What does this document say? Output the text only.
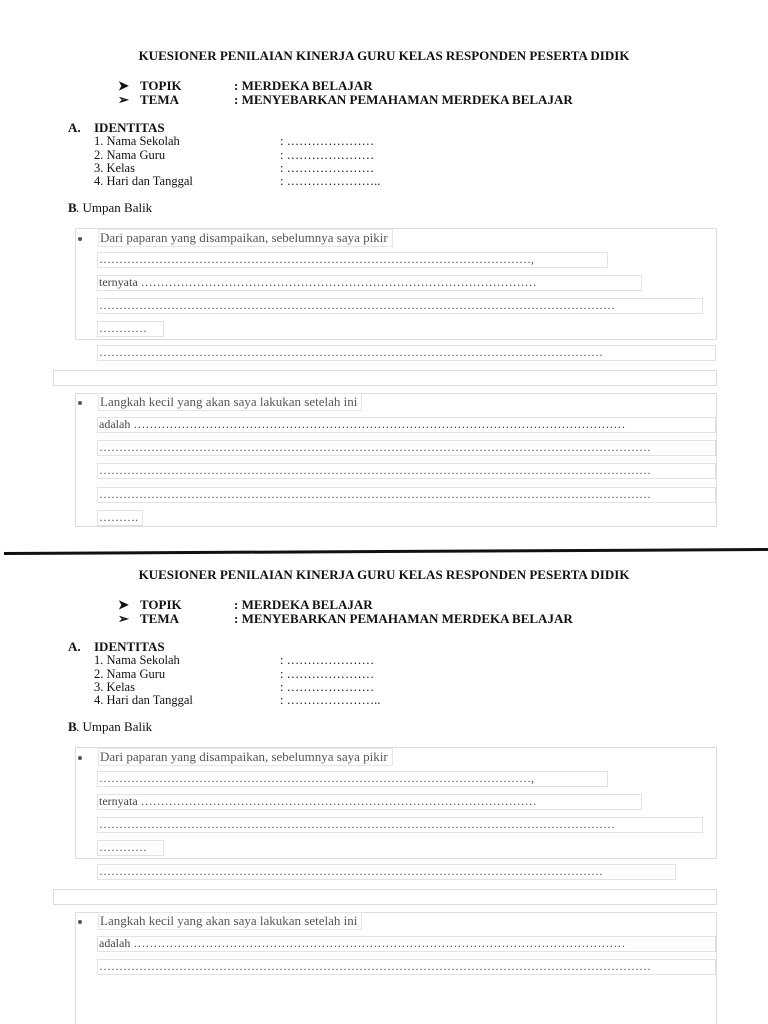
KUESIONER PENILAIAN KINERJA GURU KELAS RESPONDEN PESERTA DIDIK
➤ TOPIK	: MERDEKA BELAJAR
➢ TEMA	: MENYEBARKAN PEMAHAMAN MERDEKA BELAJAR
A. IDENTITAS
1. Nama Sekolah	: …………………
2. Nama Guru	: …………………
3. Kelas	: …………………
4. Hari dan Tanggal	: …………………..
B . Umpan Balik
Dari paparan yang disampaikan, sebelumnya saya pikir
………………………………………………………………………………………………,
ternyata ………………………………………………………………………………………
…………………………………………………………………………………………………………………
…………
………………………………………………………………………………………………………………
Langkah kecil yang akan saya lakukan setelah ini
adalah ……………………………………………………………………………………………………………
…………………………………………………………………………………………………………………………
…………………………………………………………………………………………………………………………
…………………………………………………………………………………………………………………………
……….
KUESIONER PENILAIAN KINERJA GURU KELAS RESPONDEN PESERTA DIDIK
➤ TOPIK	: MERDEKA BELAJAR
➢ TEMA	: MENYEBARKAN PEMAHAMAN MERDEKA BELAJAR
A. IDENTITAS
1. Nama Sekolah	: …………………
2. Nama Guru	: …………………
3. Kelas	: …………………
4. Hari dan Tanggal	: …………………..
B . Umpan Balik
Dari paparan yang disampaikan, sebelumnya saya pikir
………………………………………………………………………………………………,
ternyata ………………………………………………………………………………………
…………………………………………………………………………………………………………………
…………
………………………………………………………………………………………………………………
Langkah kecil yang akan saya lakukan setelah ini
adalah ……………………………………………………………………………………………………………
…………………………………………………………………………………………………………………………
